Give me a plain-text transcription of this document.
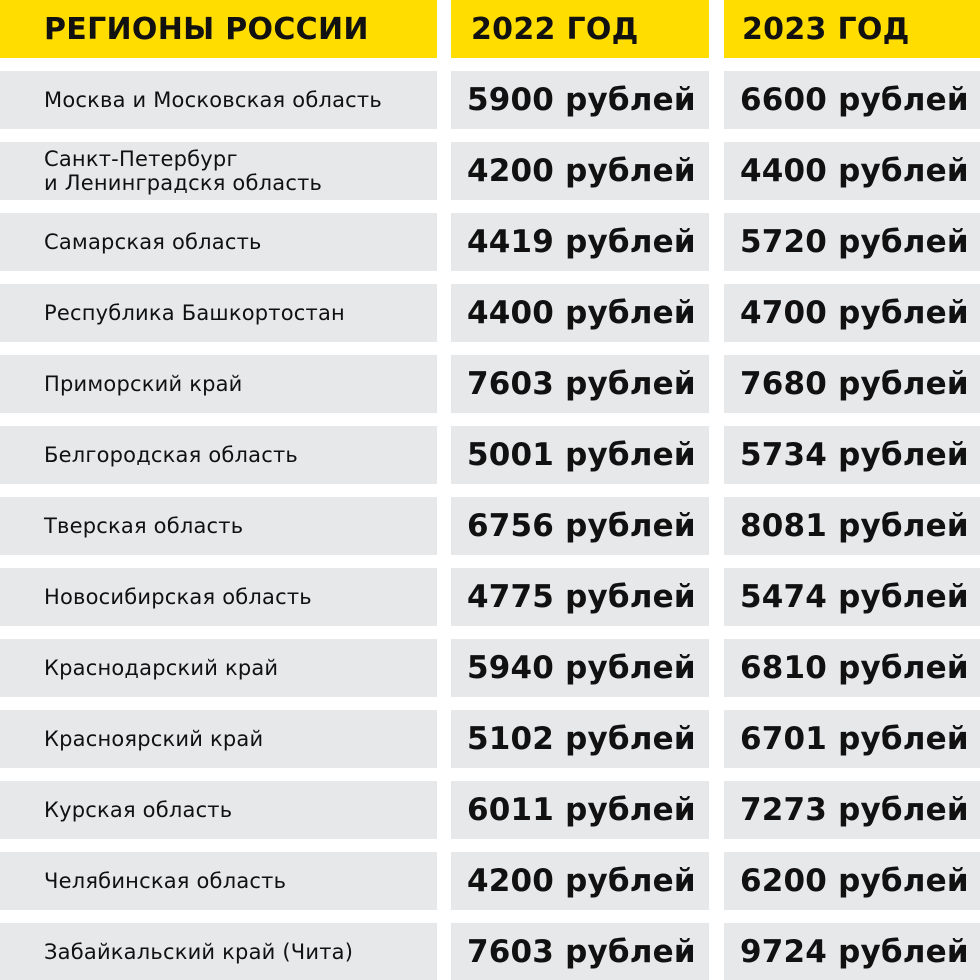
РЕГИОНЫ РОССИИ	2022 ГОД	2023 ГОД
Москва и Московская область	5900 рублей	6600 рублей
Санкт-Петербург
и Ленинградскя область	4200 рублей	4400 рублей
Самарская область	4419 рублей	5720 рублей
Республика Башкортостан	4400 рублей	4700 рублей
Приморский край	7603 рублей	7680 рублей
Белгородская область	5001 рублей	5734 рублей
Тверская область	6756 рублей	8081 рублей
Новосибирская область	4775 рублей	5474 рублей
Краснодарский край	5940 рублей	6810 рублей
Красноярский край	5102 рублей	6701 рублей
Курская область	6011 рублей	7273 рублей
Челябинская область	4200 рублей	6200 рублей
Забайкальский край (Чита)	7603 рублей	9724 рублей
